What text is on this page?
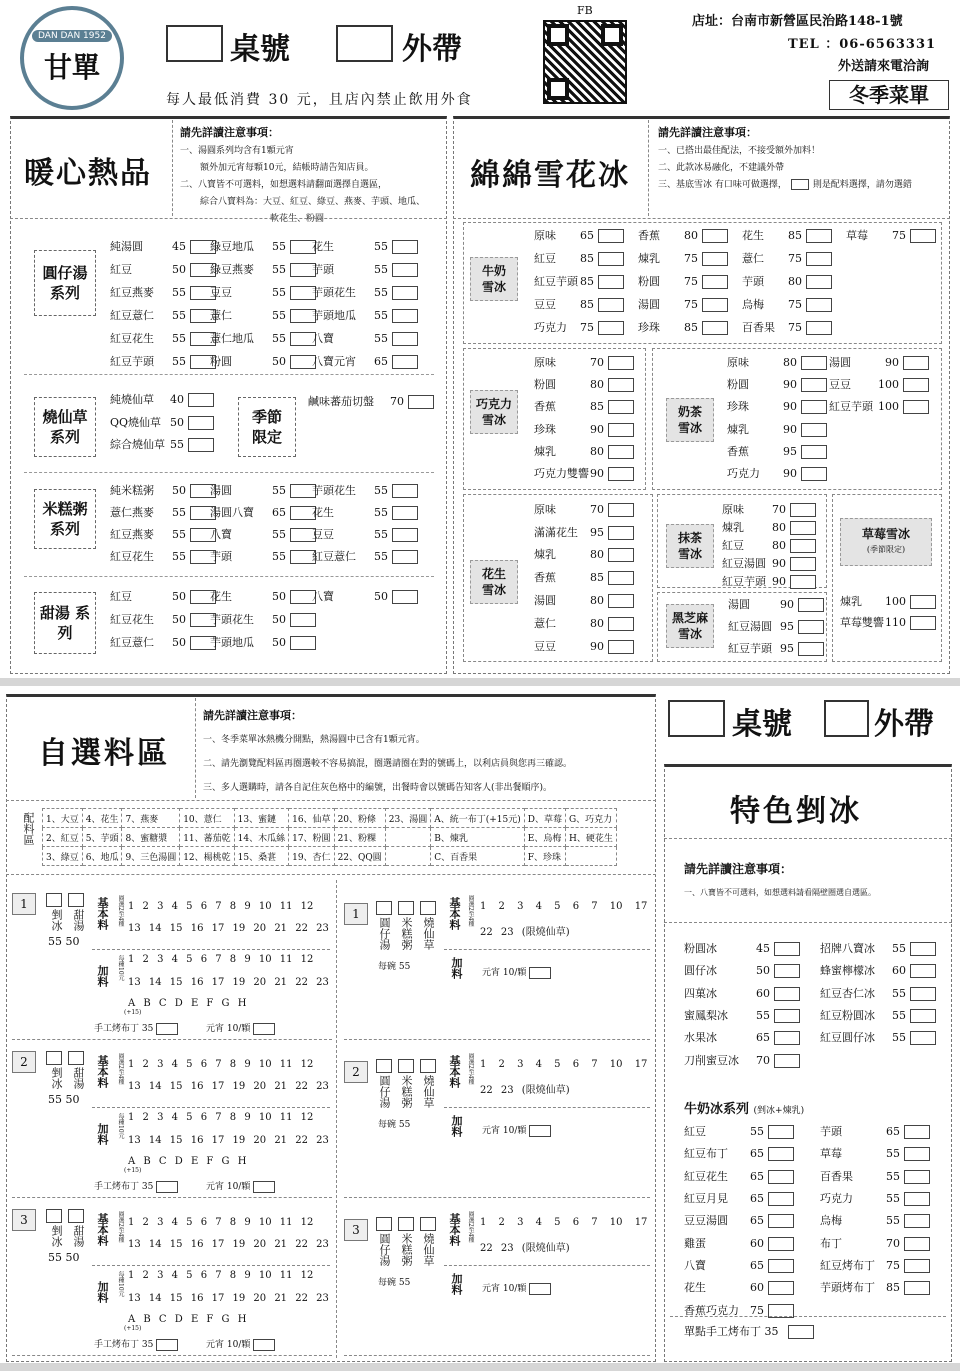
DAN DAN 1952
甘單
桌號	外帶
每人最低消費 30 元，且店內禁止飲用外食
FB
店址：台南市新營區民治路148-1號
TEL ：06-6563331
外送請來電洽詢
冬季菜單
暖心熱品
請先詳讀注意事項：
一、湯圓系列均含有1顆元宵
額外加元宵每顆10元，結帳時請告知店員。
二、八寶皆不可選料，如想選料請翻面選擇自選區，
綜合八寶料為：大豆、紅豆、綠豆、燕麥、芋頭、地瓜、
軟花生、粉圓
圓仔湯 系列
燒仙草 系列
米糕粥 系列
甜湯 系列
季節 限定
純湯圓	45	綠豆地瓜 55	花生	55
紅豆	50	綠豆燕麥 55	芋頭	55
紅豆燕麥 55	豆豆	55	芋頭花生 55
紅豆薏仁 55	薏仁	55	芋頭地瓜 55
紅豆花生 55	薏仁地瓜 55	八寶	55
紅豆芋頭 55	粉圓	50	八寶元宵 65
純燒仙草 40
QQ燒仙草 50
綜合燒仙草 55
鹹味蕃茄切盤 70
純米糕粥 50	湯圓	55	芋頭花生 55
薏仁燕麥 55	湯圓八寶 65	花生	55
紅豆燕麥 55	八寶	55	豆豆	55
紅豆花生 55	芋頭	55	紅豆薏仁 55
紅豆	50	花生	50	八寶	50
紅豆花生 50	芋頭花生 50
紅豆薏仁 50	芋頭地瓜 50
綿綿雪花冰
請先詳讀注意事項：
一、已搭出最佳配法，不接受額外加料！
二、此款冰易融化，不建議外帶
三、基底雪冰 有口味可做選擇，	則是配料選擇，請勿選錯
牛奶 雪冰
巧克力 雪冰
奶茶 雪冰
花生 雪冰
抹茶 雪冰
黑芝麻 雪冰
草莓雪冰
(季節限定)
原味 65	香蕉 80	花生 85	草莓 75
紅豆 85	煉乳 75	薏仁 75
紅豆芋頭 85	粉圓 75	芋頭 80
豆豆 85	湯圓 75	烏梅 75
巧克力 75	珍珠 85	百香果 75
原味	70
粉圓	80
香蕉	85
珍珠	90
煉乳	80
巧克力雙響90
原味	80	湯圓	90
粉圓	90	豆豆 100
珍珠	90	紅豆芋頭 100
煉乳	90
香蕉	95
巧克力 90
原味	70
滿滿花生 95
煉乳	80
香蕉	85
湯圓	80
薏仁	80
豆豆	90
原味	70
煉乳	80
紅豆	80
紅豆湯圓 90
紅豆芋頭 90
湯圓	90
紅豆湯圓 95
紅豆芋頭 95
煉乳 100
草莓雙響110
自選料區
請先詳讀注意事項：
一、冬季菜單冰熱機分開點，熱湯圓中已含有1顆元宵。
二、請先瀏覽配料區再圈選較不容易搞混，圈選請圈在對的號碼上，以利店員與您再三確認。
三、多人選購時，請各自記住灰色格中的編號，出餐時會以號碼告知客人(非出餐順序)。
配料區 1、大豆	4、花生	7、燕麥	10、薏仁	13、蜜鏈	16、仙草	20、粉條	23、湯圓	A、統一布丁(+15元)	D、草莓	G、巧克力
2、紅豆	5、芋頭	8、蜜糖漿	11、蕃茄乾	14、木瓜絲	17、粉圓	21、粉粿		B、煉乳	E、烏梅	H、硬花生
3、綠豆	6、地瓜	9、三色湯圓	12、楊桃乾	15、桑葚	19、杏仁	22、QQ圓		C、百香果	F、珍珠	
1
剉冰 甜湯
55 50
基本料	圈選2至4種 1 2 3 4 5 6 7 8 9 10 11 12
13 14 15 16 17 19 20 21 22 23
加料	每種10元 1 2 3 4 5 6 7 8 9 10 11 12
13 14 15 16 17 19 20 21 22 23
A B C D E F G H
(+15)
手工烤布丁 35	元宵 10/顆
2
剉冰 甜湯
55 50
基本料	圈選2至4種 1 2 3 4 5 6 7 8 9 10 11 12
13 14 15 16 17 19 20 21 22 23
加料	每種10元 1 2 3 4 5 6 7 8 9 10 11 12
13 14 15 16 17 19 20 21 22 23
A B C D E F G H
(+15)
手工烤布丁 35	元宵 10/顆
3
剉冰 甜湯
55 50
基本料	圈選2至4種 1 2 3 4 5 6 7 8 9 10 11 12
13 14 15 16 17 19 20 21 22 23
加料	每種10元 1 2 3 4 5 6 7 8 9 10 11 12
13 14 15 16 17 19 20 21 22 23
A B C D E F G H
(+15)
手工烤布丁 35	元宵 10/顆
1
圓仔湯 米糕粥 燒仙草
每碗 55
基本料	圈選2至4種 1 2 3 4 5 6 7 10 17
22 23 (限燒仙草)
加料 元宵 10/顆
2
圓仔湯 米糕粥 燒仙草
每碗 55
基本料	圈選2至4種 1 2 3 4 5 6 7 10 17
22 23 (限燒仙草)
加料 元宵 10/顆
3
圓仔湯 米糕粥 燒仙草
每碗 55
基本料	圈選2至4種 1 2 3 4 5 6 7 10 17
22 23 (限燒仙草)
加料 元宵 10/顆
桌號	外帶
特色剉冰
請先詳讀注意事項：
一、八寶皆不可選料，如想選料請看隔壁圈選自選區。
粉圓冰	45	招牌八寶冰 55
圓仔冰	50	蜂蜜檸檬冰 60
四菓冰	60	紅豆杏仁冰 55
蜜鳳梨冰	55	紅豆粉圓冰 55
水果冰	65	紅豆圓仔冰 55
刀削蜜豆冰 70
牛奶冰系列 (剉冰+煉乳)
紅豆	55	芋頭	65
紅豆布丁 65	草莓	55
紅豆花生 65	百香果	55
紅豆月見 65	巧克力	55
豆豆湯圓 65	烏梅	55
雞蛋	60	布丁	70
八寶	65	紅豆烤布丁 75
花生	60	芋頭烤布丁 85
香蕉巧克力 75
單點手工烤布丁 35
